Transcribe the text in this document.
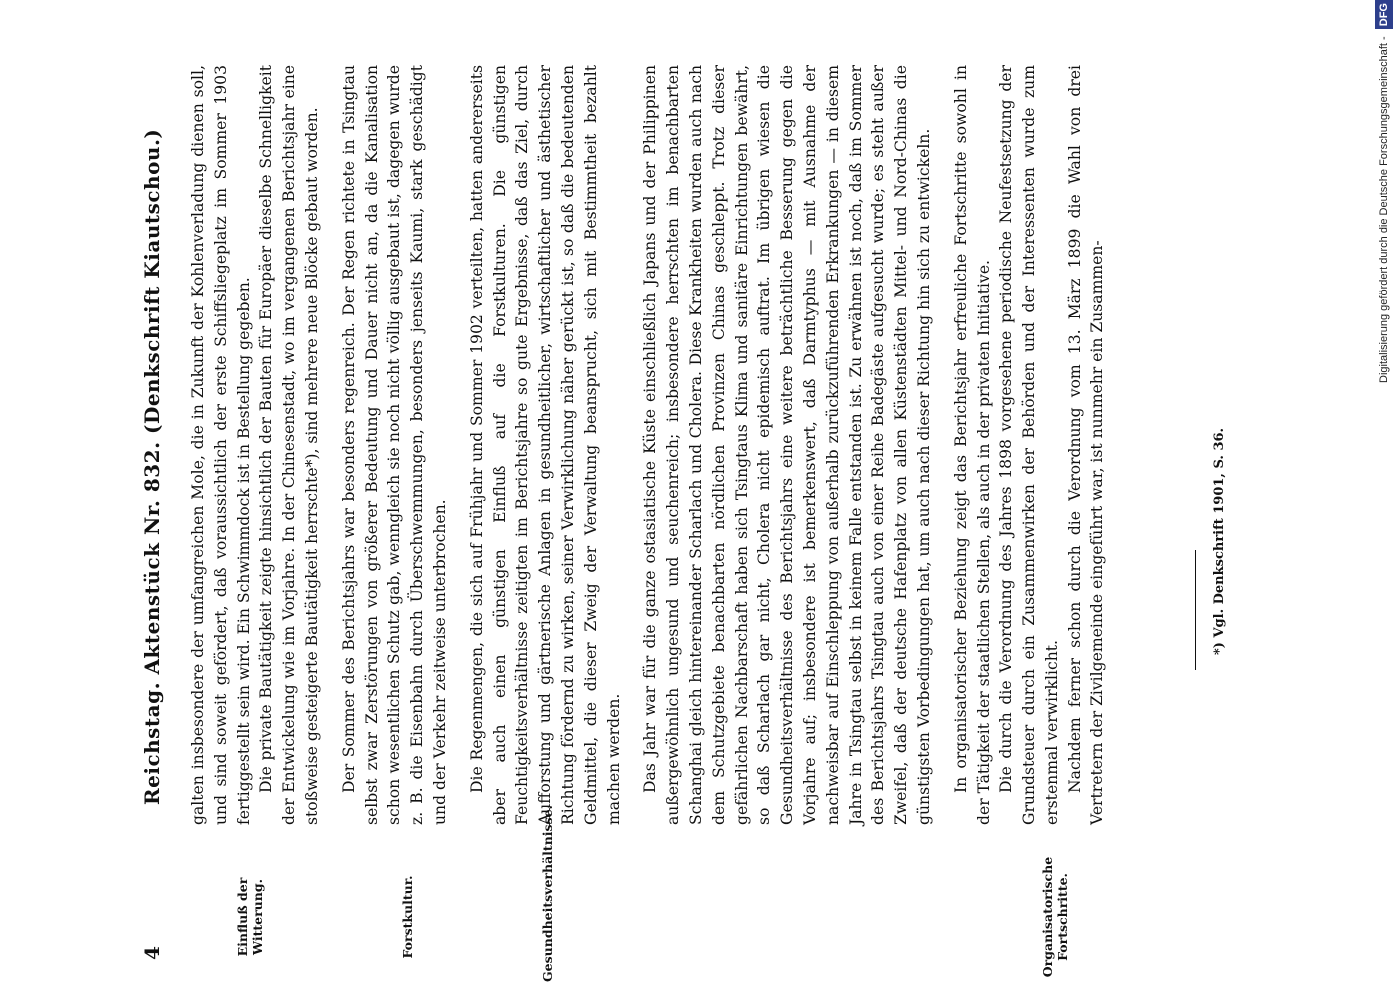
4
Reichstag. Aktenstück Nr. 832. (Denkschrift Kiautschou.)
Einfluß der Witterung.	Forstkultur.	Gesundheitsverhältnisse.	Organisatorische Fortschritte.

galten insbesondere der umfangreichen Mole, die in Zukunft der Kohlenverladung dienen soll, und sind soweit gefördert, daß voraussichtlich der erste Schiffsliegeplatz im Sommer 1903 fertiggestellt sein wird. Ein Schwimmdock ist in Bestellung gegeben. Die private Bautätigkeit zeigte hinsichtlich der Bauten für Europäer dieselbe Schnelligkeit der Entwickelung wie im Vorjahre. In der Chinesenstadt, wo im vergangenen Berichtsjahr eine stoßweise gesteigerte Bautätigkeit herrschte*), sind mehrere neue Blöcke gebaut worden. Der Sommer des Berichtsjahrs war besonders regenreich. Der Regen richtete in Tsingtau selbst zwar Zerstörungen von größerer Bedeutung und Dauer nicht an, da die Kanalisation schon wesentlichen Schutz gab, wenngleich sie noch nicht völlig ausgebaut ist, dagegen wurde z. B. die Eisenbahn durch Überschwemmungen, besonders jenseits Kaumi, stark geschädigt und der Verkehr zeitweise unterbrochen. Die Regenmengen, die sich auf Frühjahr und Sommer 1902 verteilten, hatten andererseits aber auch einen günstigen Einfluß auf die Forstkulturen. Die günstigen Feuchtigkeitsverhältnisse zeitigten im Berichtsjahre so gute Ergebnisse, daß das Ziel, durch Aufforstung und gärtnerische Anlagen in gesundheitlicher, wirtschaftlicher und ästhetischer Richtung fördernd zu wirken, seiner Verwirklichung näher gerückt ist, so daß die bedeutenden Geldmittel, die dieser Zweig der Verwaltung beansprucht, sich mit Bestimmtheit bezahlt machen werden. Das Jahr war für die ganze ostasiatische Küste einschließlich Japans und der Philippinen außergewöhnlich ungesund und seuchenreich; insbesondere herrschten im benachbarten Schanghai gleich hintereinander Scharlach und Cholera. Diese Krankheiten wurden auch nach dem Schutzgebiete benachbarten nördlichen Provinzen Chinas geschleppt. Trotz dieser gefährlichen Nachbarschaft haben sich Tsingtaus Klima und sanitäre Einrichtungen bewährt, so daß Scharlach gar nicht, Cholera nicht epidemisch auftrat. Im übrigen wiesen die Gesundheitsverhältnisse des Berichtsjahrs eine weitere beträchtliche Besserung gegen die Vorjahre auf; insbesondere ist bemerkenswert, daß Darmtyphus — mit Ausnahme der nachweisbar auf Einschleppung von außerhalb zurückzuführenden Erkrankungen — in diesem Jahre in Tsingtau selbst in keinem Falle entstanden ist. Zu erwähnen ist noch, daß im Sommer des Berichtsjahrs Tsingtau auch von einer Reihe Badegäste aufgesucht wurde; es steht außer Zweifel, daß der deutsche Hafenplatz von allen Küstenstädten Mittel- und Nord-Chinas die günstigsten Vorbedingungen hat, um auch nach dieser Richtung hin sich zu entwickeln. In organisatorischer Beziehung zeigt das Berichtsjahr erfreuliche Fortschritte sowohl in der Tätigkeit der staatlichen Stellen, als auch in der privaten Initiative. Die durch die Verordnung des Jahres 1898 vorgesehene periodische Neufestsetzung der Grundsteuer durch ein Zusammenwirken der Behörden und der Interessenten wurde zum erstenmal verwirklicht. Nachdem ferner schon durch die Verordnung vom 13. März 1899 die Wahl von drei Vertretern der Zivilgemeinde eingeführt war, ist nunmehr ein Zusammen-	*) Vgl. Denkschrift 1901, S. 36.
Digitalisierung gefördert durch die Deutsche Forschungsgemeinschaft - DFG
